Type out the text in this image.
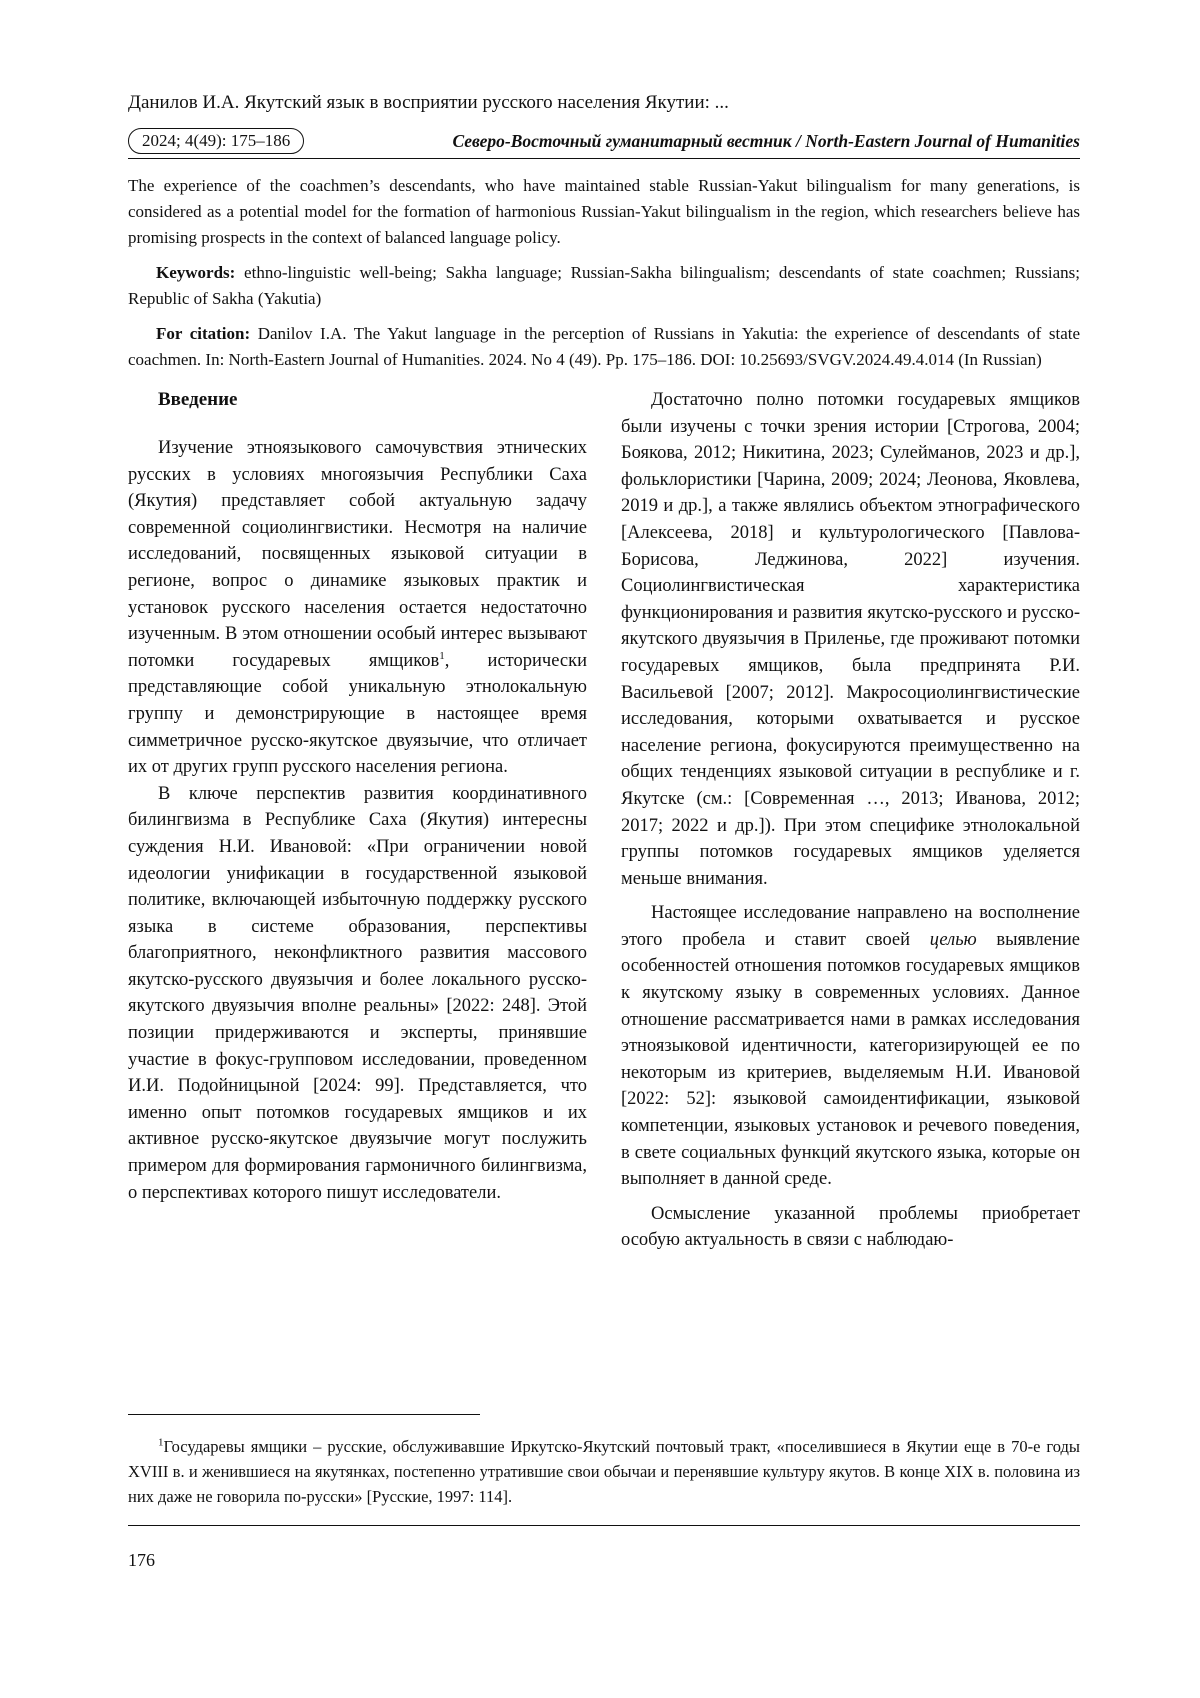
Данилов И.А. Якутский язык в восприятии русского населения Якутии: ...
2024; 4(49): 175–186	Северо-Восточный гуманитарный вестник / North-Eastern Journal of Humanities

The experience of the coachmen’s descendants, who have maintained stable Russian-Yakut bilingualism for many generations, is considered as a potential model for the formation of harmonious Russian-Yakut bilingualism in the region, which researchers believe has promising prospects in the context of balanced language policy.

Keywords: ethno-linguistic well-being; Sakha language; Russian-Sakha bilingualism; descendants of state coachmen; Russians; Republic of Sakha (Yakutia)

For citation: Danilov I.A. The Yakut language in the perception of Russians in Yakutia: the experience of descendants of state coachmen. In: North-Eastern Journal of Humanities. 2024. No 4 (49). Pp. 175–186. DOI: 10.25693/SVGV.2024.49.4.014 (In Russian)

Введение

Изучение этноязыкового самочувствия этнических русских в условиях многоязычия Республики Саха (Якутия) представляет собой актуальную задачу современной социолингвистики. Несмотря на наличие исследований, посвященных языковой ситуации в регионе, вопрос о динамике языковых практик и установок русского населения остается недостаточно изученным. В этом отношении особый интерес вызывают потомки государевых ямщиков$^1$, исторически представляющие собой уникальную этнолокальную группу и демонстрирующие в настоящее время симметричное русско-якутское двуязычие, что отличает их от других групп русского населения региона.

В ключе перспектив развития координативного билингвизма в Республике Саха (Якутия) интересны суждения Н.И. Ивановой: «При ограничении новой идеологии унификации в государственной языковой политике, включающей избыточную поддержку русского языка в системе образования, перспективы благоприятного, неконфликтного развития массового якутско-русского двуязычия и более локального русско-якутского двуязычия вполне реальны» [2022: 248]. Этой позиции придерживаются и эксперты, принявшие участие в фокус-групповом исследовании, проведенном И.И. Подойницыной [2024: 99]. Представляется, что именно опыт потомков государевых ямщиков и их активное русско-якутское двуязычие могут послужить примером для формирования гармоничного билингвизма, о перспективах которого пишут исследователи.

Достаточно полно потомки государевых ямщиков были изучены с точки зрения истории [Строгова, 2004; Боякова, 2012; Никитина, 2023; Сулейманов, 2023 и др.], фольклористики [Чарина, 2009; 2024; Леонова, Яковлева, 2019 и др.], а также являлись объектом этнографического [Алексеева, 2018] и культурологического [Павлова-Борисова, Леджинова, 2022] изучения. Социолингвистическая характеристика функционирования и развития якутско-русского и русско-якутского двуязычия в Приленье, где проживают потомки государевых ямщиков, была предпринята Р.И. Васильевой [2007; 2012]. Макросоциолингвистические исследования, которыми охватывается и русское население региона, фокусируются преимущественно на общих тенденциях языковой ситуации в республике и г. Якутске (см.: [Современная …, 2013; Иванова, 2012; 2017; 2022 и др.]). При этом специфике этнолокальной группы потомков государевых ямщиков уделяется меньше внимания.

Настоящее исследование направлено на восполнение этого пробела и ставит своей целью выявление особенностей отношения потомков государевых ямщиков к якутскому языку в современных условиях. Данное отношение рассматривается нами в рамках исследования этноязыковой идентичности, категоризирующей ее по некоторым из критериев, выделяемым Н.И. Ивановой [2022: 52]: языковой самоидентификации, языковой компетенции, языковых установок и речевого поведения, в свете социальных функций якутского языка, которые он выполняет в данной среде.

Осмысление указанной проблемы приобретает особую актуальность в связи с наблюдаю-

$^1$Государевы ямщики – русские, обслуживавшие Иркутско-Якутский почтовый тракт, «поселившиеся в Якутии еще в 70-е годы XVIII в. и женившиеся на якутянках, постепенно утратившие свои обычаи и перенявшие культуру якутов. В конце XIX в. половина из них даже не говорила по-русски» [Русские, 1997: 114].
176
